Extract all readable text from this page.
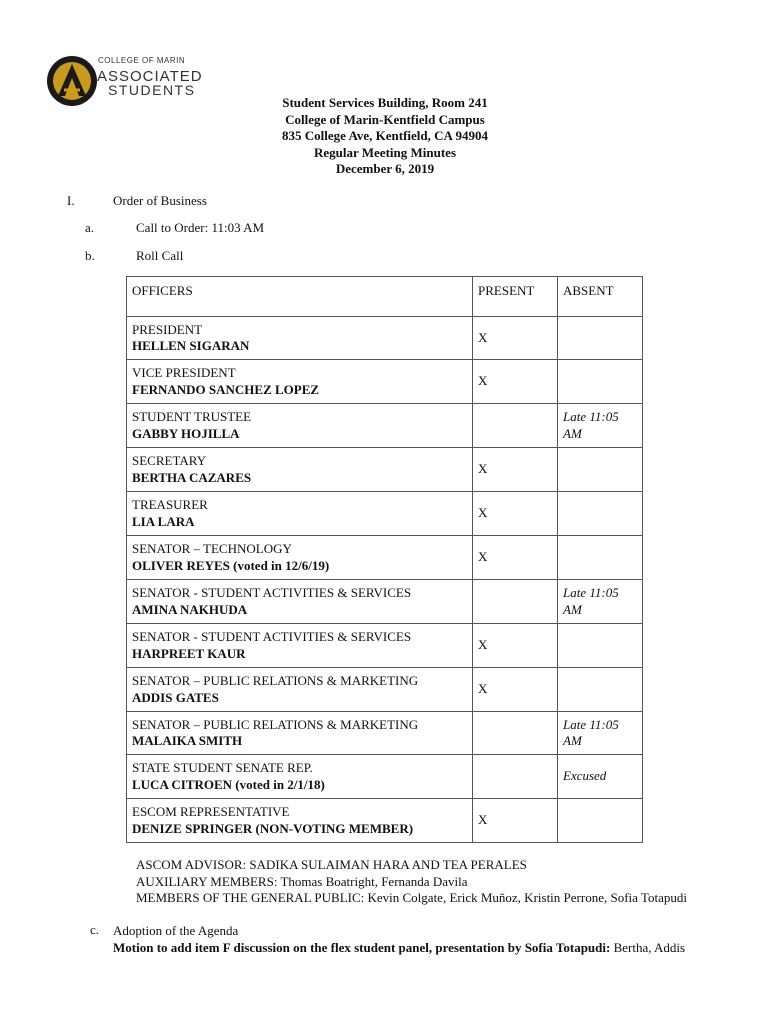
COLLEGE OF MARIN
ASSOCIATED
STUDENTS
Student Services Building, Room 241
College of Marin-Kentfield Campus
835 College Ave, Kentfield, CA 94904
Regular Meeting Minutes
December 6, 2019
I.	Order of Business
a.	Call to Order: 11:03 AM
b.	Roll Call
OFFICERS	PRESENT	ABSENT

PRESIDENT
HELLEN SIGARAN	X	

VICE PRESIDENT
FERNANDO SANCHEZ LOPEZ	X	

STUDENT TRUSTEE
GABBY HOJILLA		Late 11:05 AM

SECRETARY
BERTHA CAZARES	X	

TREASURER
LIA LARA	X	

SENATOR – TECHNOLOGY
OLIVER REYES (voted in 12/6/19)	X	

SENATOR - STUDENT ACTIVITIES & SERVICES
AMINA NAKHUDA		Late 11:05 AM

SENATOR - STUDENT ACTIVITIES & SERVICES
HARPREET KAUR	X	

SENATOR – PUBLIC RELATIONS & MARKETING
ADDIS GATES	X	

SENATOR – PUBLIC RELATIONS & MARKETING
MALAIKA SMITH		Late 11:05 AM

STATE STUDENT SENATE REP.
LUCA CITROEN (voted in 2/1/18)		Excused

ESCOM REPRESENTATIVE
DENIZE SPRINGER (NON-VOTING MEMBER)	X	
ASCOM ADVISOR: SADIKA SULAIMAN HARA AND TEA PERALES
AUXILIARY MEMBERS: Thomas Boatright, Fernanda Davila
MEMBERS OF THE GENERAL PUBLIC: Kevin Colgate, Erick Muñoz, Kristin Perrone, Sofia Totapudi
c. Adoption of the Agenda
Motion to add item F discussion on the flex student panel, presentation by Sofia Totapudi: Bertha, Addis
